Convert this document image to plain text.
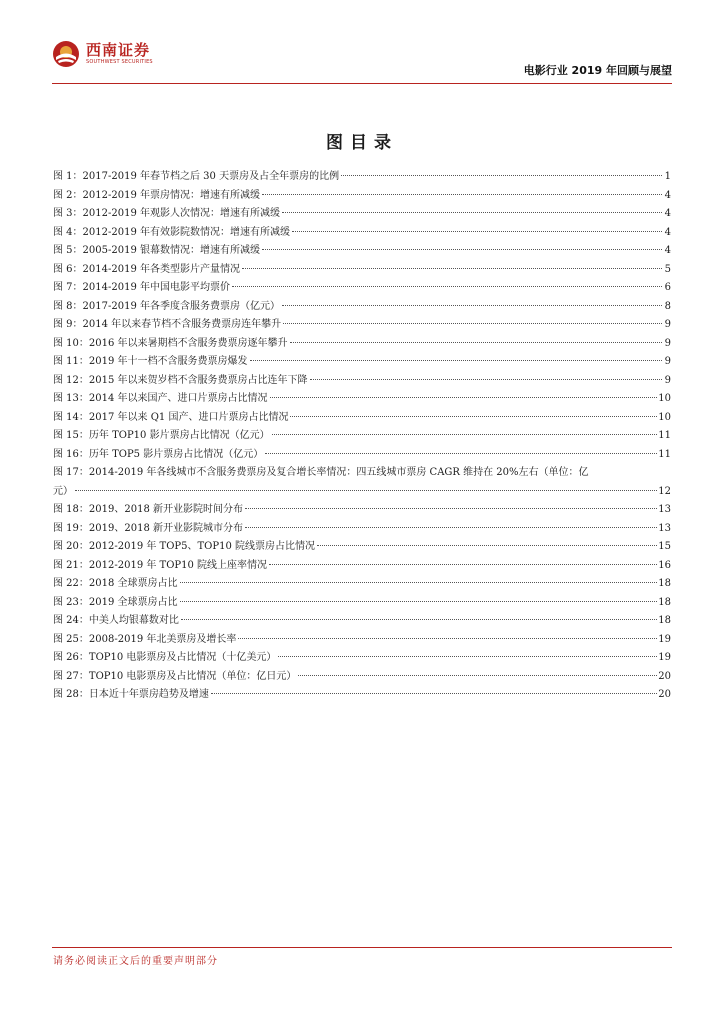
西南证券
SOUTHWEST SECURITIES
电影行业 2019 年回顾与展望
图目录
图 1： 2017-2019 年春节档之后 30 天票房及占全年票房的比例	1
图 2： 2012-2019 年票房情况：增速有所减缓	4
图 3： 2012-2019 年观影人次情况：增速有所减缓	4
图 4： 2012-2019 年有效影院数情况：增速有所减缓	4
图 5： 2005-2019 银幕数情况：增速有所减缓	4
图 6： 2014-2019 年各类型影片产量情况	5
图 7： 2014-2019 年中国电影平均票价	6
图 8： 2017-2019 年各季度含服务费票房（亿元）	8
图 9： 2014 年以来春节档不含服务费票房连年攀升	9
图 10： 2016 年以来暑期档不含服务费票房逐年攀升	9
图 11： 2019 年十一档不含服务费票房爆发	9
图 12： 2015 年以来贺岁档不含服务费票房占比连年下降	9
图 13： 2014 年以来国产、进口片票房占比情况	10
图 14： 2017 年以来 Q1 国产、进口片票房占比情况	10
图 15： 历年 TOP10 影片票房占比情况（亿元）	11
图 16： 历年 TOP5 影片票房占比情况（亿元）	11
图 17：2014-2019 年各线城市不含服务费票房及复合增长率情况：四五线城市票房 CAGR 维持在 20%左右（单位：亿
元）	12
图 18： 2019、2018 新开业影院时间分布	13
图 19： 2019、2018 新开业影院城市分布	13
图 20： 2012-2019 年 TOP5、TOP10 院线票房占比情况	15
图 21： 2012-2019 年 TOP10 院线上座率情况	16
图 22： 2018 全球票房占比	18
图 23： 2019 全球票房占比	18
图 24： 中美人均银幕数对比	18
图 25： 2008-2019 年北美票房及增长率	19
图 26： TOP10 电影票房及占比情况（十亿美元）	19
图 27： TOP10 电影票房及占比情况（单位：亿日元）	20
图 28： 日本近十年票房趋势及增速	20
请务必阅读正文后的重要声明部分
